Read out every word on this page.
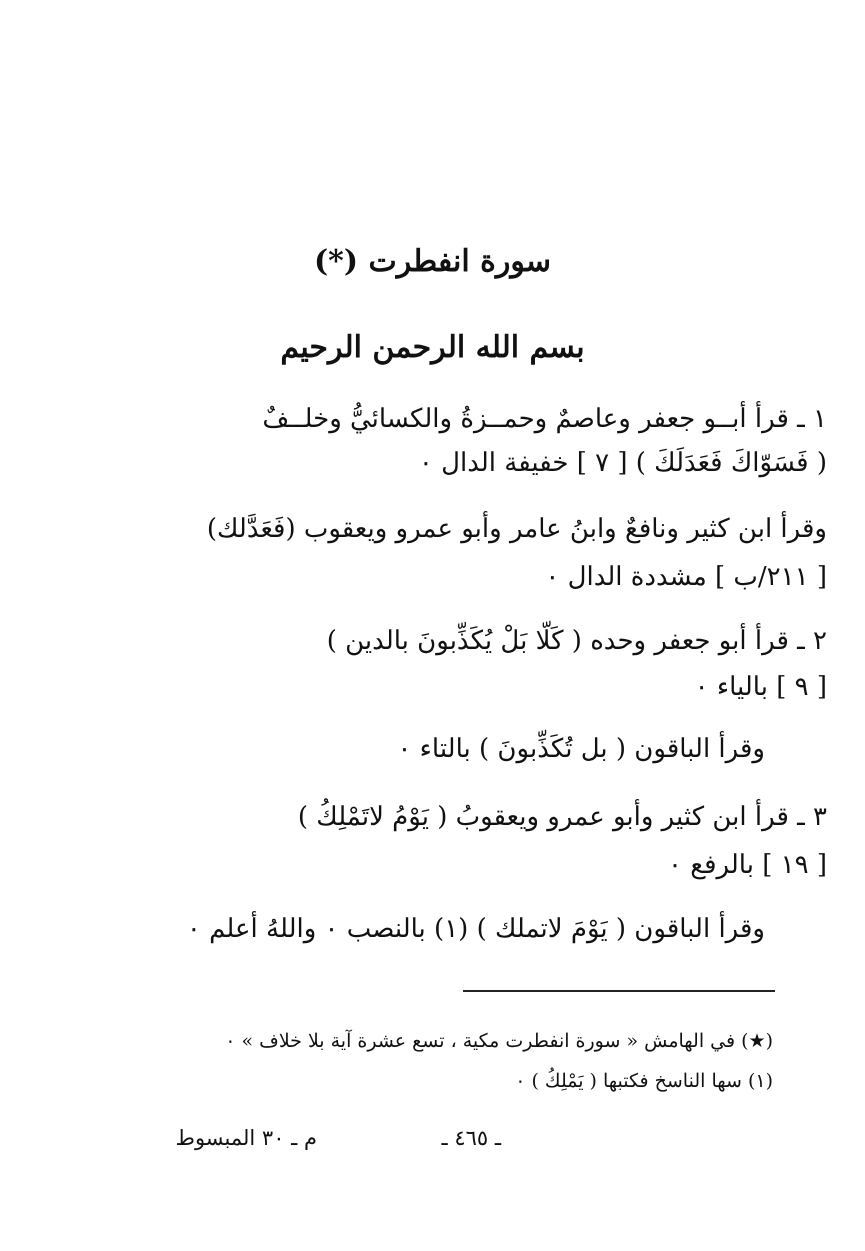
سورة انفطرت (*)
بسم الله الرحمن الرحيم
١ ـ قرأ أبــو جعفر وعاصمٌ وحمــزةُ والكسائيُّ وخلــفٌ
( فَسَوّاكَ فَعَدَلَكَ ) [ ٧ ] خفيفة الدال ٠
وقرأ ابن كثير ونافعٌ وابنُ عامر وأبو عمرو ويعقوب (فَعَدَّلك)
[ ٢١١/ب ] مشددة الدال ٠
٢ ـ قرأ أبو جعفر وحده ( كَلّا بَلْ يُكَذِّبونَ بالدين )
[ ٩ ] بالياء ٠
وقرأ الباقون ( بل تُكَذِّبونَ ) بالتاء ٠
٣ ـ قرأ ابن كثير وأبو عمرو ويعقوبُ ( يَوْمُ لاتَمْلِكُ )
[ ١٩ ] بالرفع ٠
وقرأ الباقون ( يَوْمَ لاتملك ) (١) بالنصب ٠ واللهُ أعلم ٠
(★) في الهامش « سورة انفطرت مكية ، تسع عشرة آية بلا خلاف » ٠
(١) سها الناسخ فكتبها ( يَمْلِكُ ) ٠
ـ ٤٦٥ ـ
م ـ ٣٠ المبسوط
